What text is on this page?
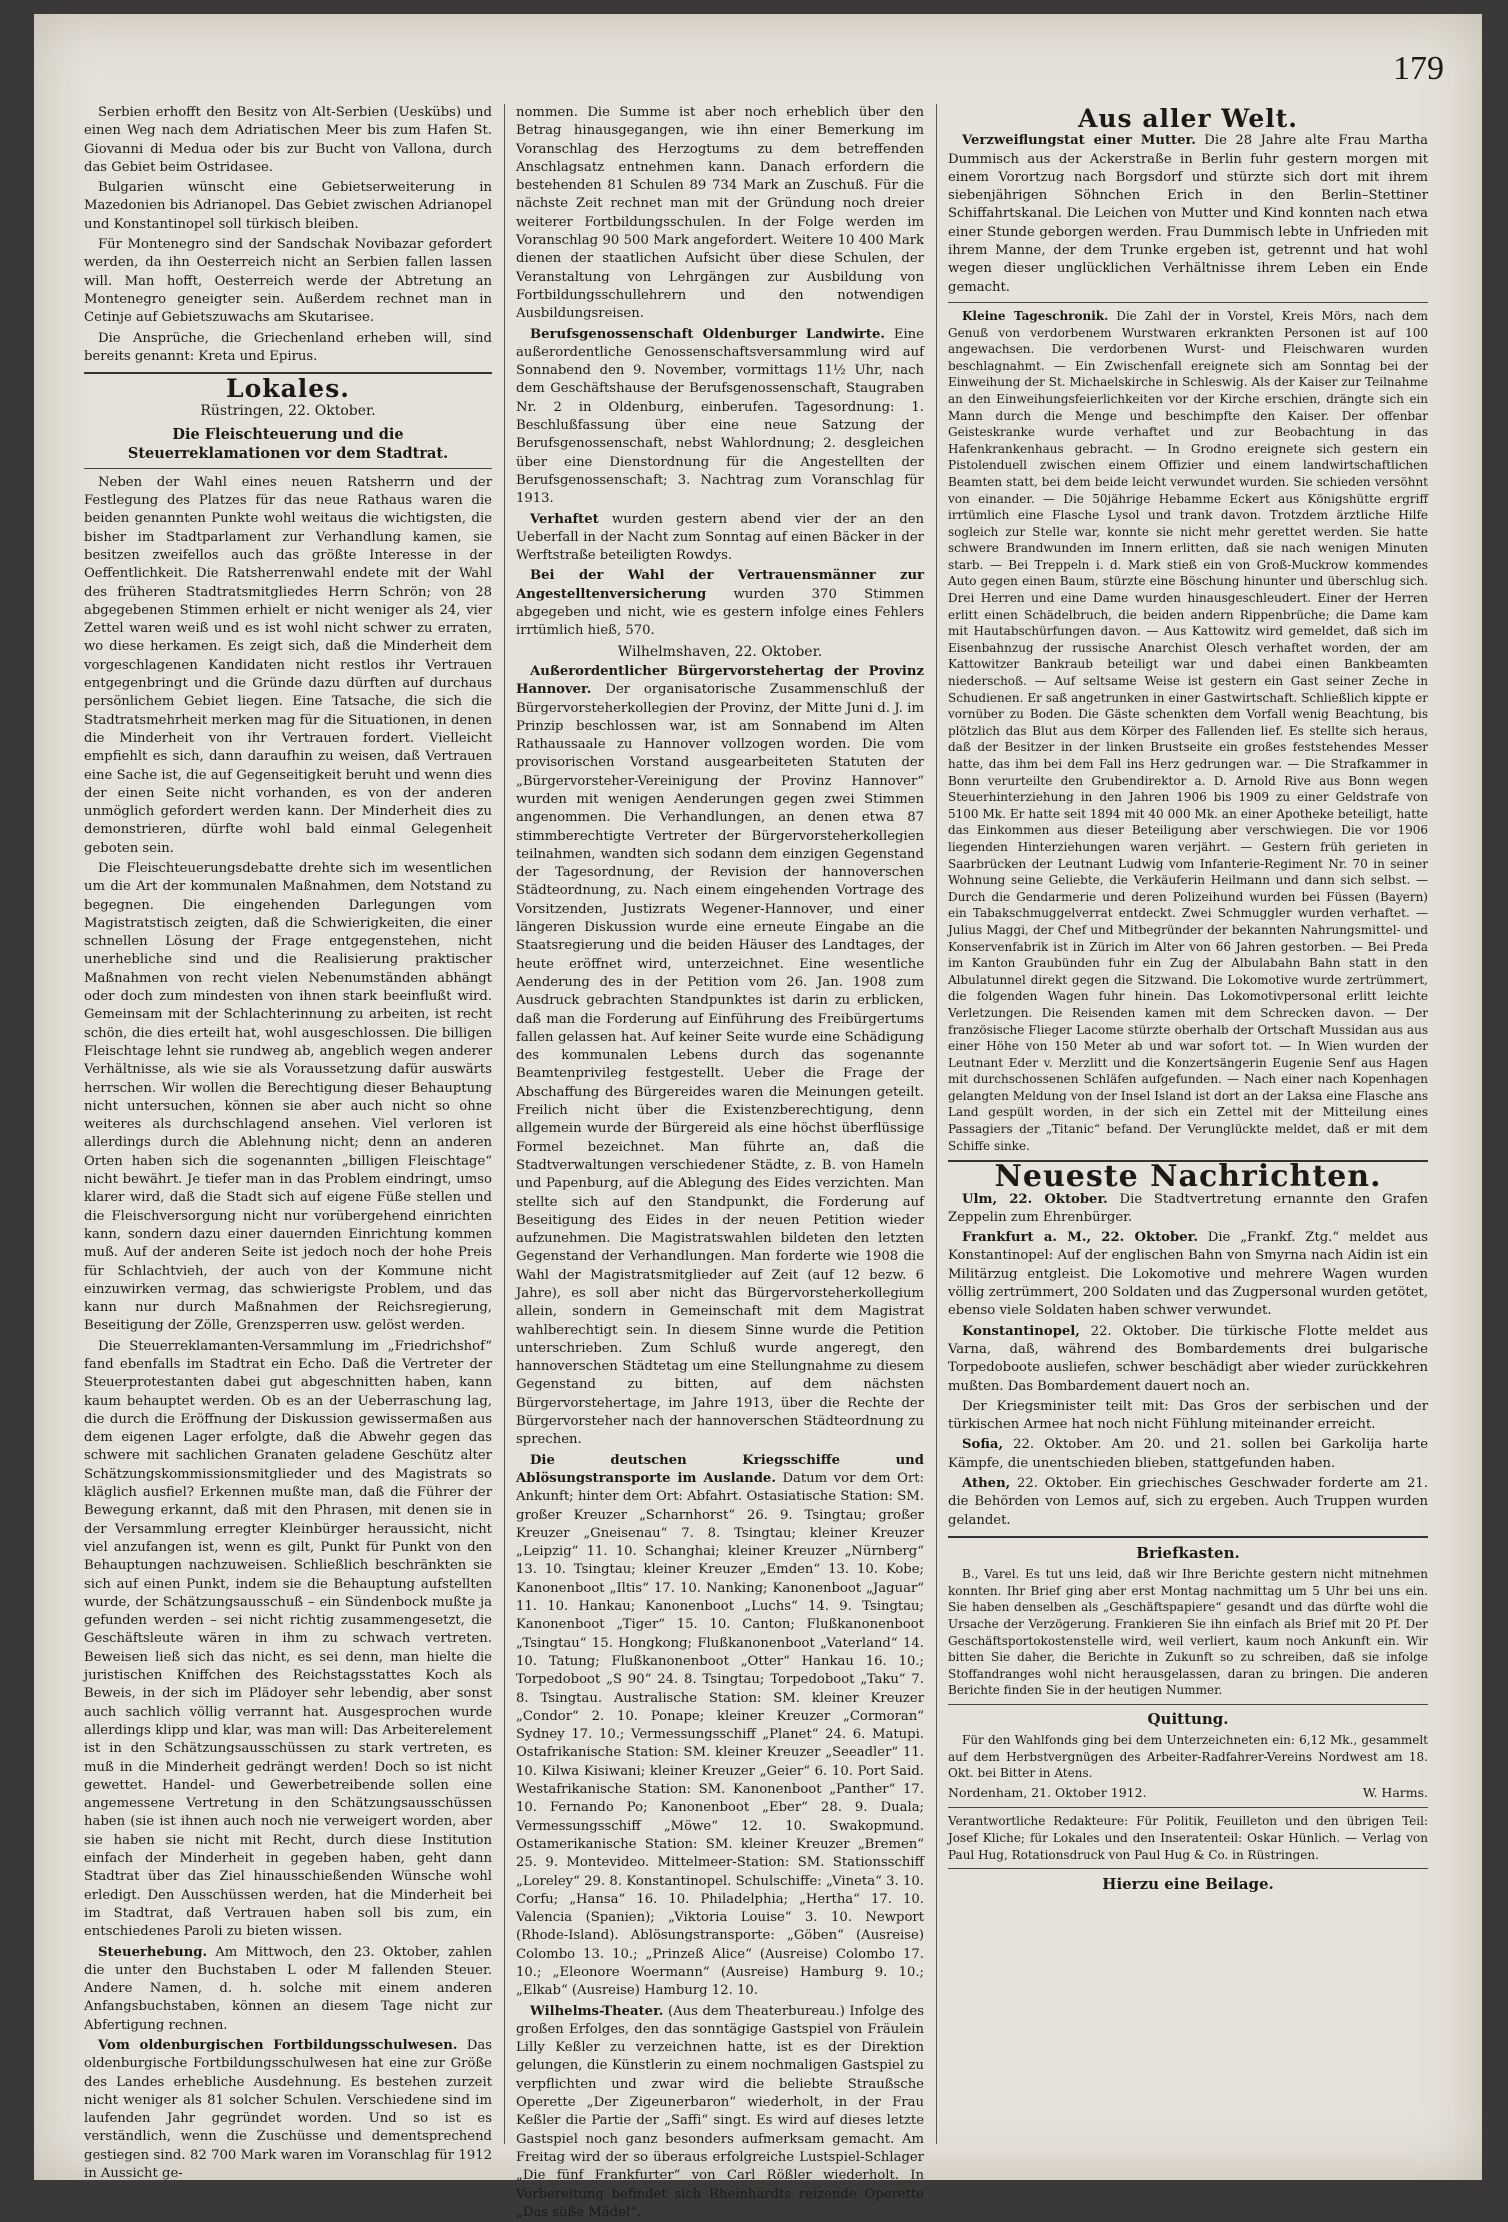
179

Serbien erhofft den Besitz von Alt-Serbien (Ueskübs) und einen Weg nach dem Adriatischen Meer bis zum Hafen St. Giovanni di Medua oder bis zur Bucht von Vallona, durch das Gebiet beim Ostridasee.

Bulgarien wünscht eine Gebietserweiterung in Mazedonien bis Adrianopel. Das Gebiet zwischen Adrianopel und Konstantinopel soll türkisch bleiben.

Für Montenegro sind der Sandschak Novibazar gefordert werden, da ihn Oesterreich nicht an Serbien fallen lassen will. Man hofft, Oesterreich werde der Abtretung an Montenegro geneigter sein. Außerdem rechnet man in Cetinje auf Gebietszuwachs am Skutarisee.

Die Ansprüche, die Griechenland erheben will, sind bereits genannt: Kreta und Epirus.

Lokales.
Rüstringen, 22. Oktober.
Die Fleischteuerung und die Steuerreklamationen vor dem Stadtrat.

Neben der Wahl eines neuen Ratsherrn und der Festlegung des Platzes für das neue Rathaus waren die beiden genannten Punkte wohl weitaus die wichtigsten, die bisher im Stadtparlament zur Verhandlung kamen, sie besitzen zweifellos auch das größte Interesse in der Oeffentlichkeit. Die Ratsherrenwahl endete mit der Wahl des früheren Stadtratsmitgliedes Herrn Schrön; von 28 abgegebenen Stimmen erhielt er nicht weniger als 24, vier Zettel waren weiß und es ist wohl nicht schwer zu erraten, wo diese herkamen. Es zeigt sich, daß die Minderheit dem vorgeschlagenen Kandidaten nicht restlos ihr Vertrauen entgegenbringt und die Gründe dazu dürften auf durchaus persönlichem Gebiet liegen. Eine Tatsache, die sich die Stadtratsmehrheit merken mag für die Situationen, in denen die Minderheit von ihr Vertrauen fordert. Vielleicht empfiehlt es sich, dann daraufhin zu weisen, daß Vertrauen eine Sache ist, die auf Gegenseitigkeit beruht und wenn dies der einen Seite nicht vorhanden, es von der anderen unmöglich gefordert werden kann. Der Minderheit dies zu demonstrieren, dürfte wohl bald einmal Gelegenheit geboten sein.

Die Fleischteuerungsdebatte drehte sich im wesentlichen um die Art der kommunalen Maßnahmen, dem Notstand zu begegnen. Die eingehenden Darlegungen vom Magistratstisch zeigten, daß die Schwierigkeiten, die einer schnellen Lösung der Frage entgegenstehen, nicht unerhebliche sind und die Realisierung praktischer Maßnahmen von recht vielen Nebenumständen abhängt oder doch zum mindesten von ihnen stark beeinflußt wird. Gemeinsam mit der Schlachterinnung zu arbeiten, ist recht schön, die dies erteilt hat, wohl ausgeschlossen. Die billigen Fleischtage lehnt sie rundweg ab, angeblich wegen anderer Verhältnisse, als wie sie als Voraussetzung dafür auswärts herrschen. Wir wollen die Berechtigung dieser Behauptung nicht untersuchen, können sie aber auch nicht so ohne weiteres als durchschlagend ansehen. Viel verloren ist allerdings durch die Ablehnung nicht; denn an anderen Orten haben sich die sogenannten „billigen Fleischtage“ nicht bewährt. Je tiefer man in das Problem eindringt, umso klarer wird, daß die Stadt sich auf eigene Füße stellen und die Fleischversorgung nicht nur vorübergehend einrichten kann, sondern dazu einer dauernden Einrichtung kommen muß. Auf der anderen Seite ist jedoch noch der hohe Preis für Schlachtvieh, der auch von der Kommune nicht einzuwirken vermag, das schwierigste Problem, und das kann nur durch Maßnahmen der Reichsregierung, Beseitigung der Zölle, Grenzsperren usw. gelöst werden.

Die Steuerreklamanten-Versammlung im „Friedrichshof“ fand ebenfalls im Stadtrat ein Echo. Daß die Vertreter der Steuerprotestanten dabei gut abgeschnitten haben, kann kaum behauptet werden. Ob es an der Ueberraschung lag, die durch die Eröffnung der Diskussion gewissermaßen aus dem eigenen Lager erfolgte, daß die Abwehr gegen das schwere mit sachlichen Granaten geladene Geschütz alter Schätzungskommissionsmitglieder und des Magistrats so kläglich ausfiel? Erkennen mußte man, daß die Führer der Bewegung erkannt, daß mit den Phrasen, mit denen sie in der Versammlung erregter Kleinbürger heraussicht, nicht viel anzufangen ist, wenn es gilt, Punkt für Punkt von den Behauptungen nachzuweisen. Schließlich beschränkten sie sich auf einen Punkt, indem sie die Behauptung aufstellten wurde, der Schätzungsausschuß – ein Sündenbock mußte ja gefunden werden – sei nicht richtig zusammengesetzt, die Geschäftsleute wären in ihm zu schwach vertreten. Beweisen ließ sich das nicht, es sei denn, man hielte die juristischen Kniffchen des Reichstagsstattes Koch als Beweis, in der sich im Plädoyer sehr lebendig, aber sonst auch sachlich völlig verrannt hat. Ausgesprochen wurde allerdings klipp und klar, was man will: Das Arbeiterelement ist in den Schätzungsausschüssen zu stark vertreten, es muß in die Minderheit gedrängt werden! Doch so ist nicht gewettet. Handel- und Gewerbetreibende sollen eine angemessene Vertretung in den Schätzungsausschüssen haben (sie ist ihnen auch noch nie verweigert worden, aber sie haben sie nicht mit Recht, durch diese Institution einfach der Minderheit in gegeben haben, geht dann Stadtrat über das Ziel hinausschießenden Wünsche wohl erledigt. Den Ausschüssen werden, hat die Minderheit bei im Stadtrat, daß Vertrauen haben soll bis zum, ein entschiedenes Paroli zu bieten wissen.

Steuerhebung. Am Mittwoch, den 23. Oktober, zahlen die unter den Buchstaben L oder M fallenden Steuer. Andere Namen, d. h. solche mit einem anderen Anfangsbuchstaben, können an diesem Tage nicht zur Abfertigung rechnen.

Vom oldenburgischen Fortbildungsschulwesen. Das oldenburgische Fortbildungsschulwesen hat eine zur Größe des Landes erhebliche Ausdehnung. Es bestehen zurzeit nicht weniger als 81 solcher Schulen. Verschiedene sind im laufenden Jahr gegründet worden. Und so ist es verständlich, wenn die Zuschüsse und dementsprechend gestiegen sind. 82 700 Mark waren im Voranschlag für 1912 in Aussicht ge-

nommen. Die Summe ist aber noch erheblich über den Betrag hinausgegangen, wie ihn einer Bemerkung im Voranschlag des Herzogtums zu dem betreffenden Anschlagsatz entnehmen kann. Danach erfordern die bestehenden 81 Schulen 89 734 Mark an Zuschuß. Für die nächste Zeit rechnet man mit der Gründung noch dreier weiterer Fortbildungsschulen. In der Folge werden im Voranschlag 90 500 Mark angefordert. Weitere 10 400 Mark dienen der staatlichen Aufsicht über diese Schulen, der Veranstaltung von Lehrgängen zur Ausbildung von Fortbildungsschullehrern und den notwendigen Ausbildungsreisen.

Berufsgenossenschaft Oldenburger Landwirte. Eine außerordentliche Genossenschaftsversammlung wird auf Sonnabend den 9. November, vormittags 11½ Uhr, nach dem Geschäftshause der Berufsgenossenschaft, Staugraben Nr. 2 in Oldenburg, einberufen. Tagesordnung: 1. Beschlußfassung über eine neue Satzung der Berufsgenossenschaft, nebst Wahlordnung; 2. desgleichen über eine Dienstordnung für die Angestellten der Berufsgenossenschaft; 3. Nachtrag zum Voranschlag für 1913.

Verhaftet wurden gestern abend vier der an den Ueberfall in der Nacht zum Sonntag auf einen Bäcker in der Werftstraße beteiligten Rowdys.

Bei der Wahl der Vertrauensmänner zur Angestelltenversicherung wurden 370 Stimmen abgegeben und nicht, wie es gestern infolge eines Fehlers irrtümlich hieß, 570.

Wilhelmshaven, 22. Oktober.

Außerordentlicher Bürgervorstehertag der Provinz Hannover. Der organisatorische Zusammenschluß der Bürgervorsteherkollegien der Provinz, der Mitte Juni d. J. im Prinzip beschlossen war, ist am Sonnabend im Alten Rathaussaale zu Hannover vollzogen worden. Die vom provisorischen Vorstand ausgearbeiteten Statuten der „Bürgervorsteher-Vereinigung der Provinz Hannover“ wurden mit wenigen Aenderungen gegen zwei Stimmen angenommen. Die Verhandlungen, an denen etwa 87 stimmberechtigte Vertreter der Bürgervorsteherkollegien teilnahmen, wandten sich sodann dem einzigen Gegenstand der Tagesordnung, der Revision der hannoverschen Städteordnung, zu. Nach einem eingehenden Vortrage des Vorsitzenden, Justizrats Wegener-Hannover, und einer längeren Diskussion wurde eine erneute Eingabe an die Staatsregierung und die beiden Häuser des Landtages, der heute eröffnet wird, unterzeichnet. Eine wesentliche Aenderung des in der Petition vom 26. Jan. 1908 zum Ausdruck gebrachten Standpunktes ist darin zu erblicken, daß man die Forderung auf Einführung des Freibürgertums fallen gelassen hat. Auf keiner Seite wurde eine Schädigung des kommunalen Lebens durch das sogenannte Beamtenprivileg festgestellt. Ueber die Frage der Abschaffung des Bürgereides waren die Meinungen geteilt. Freilich nicht über die Existenzberechtigung, denn allgemein wurde der Bürgereid als eine höchst überflüssige Formel bezeichnet. Man führte an, daß die Stadtverwaltungen verschiedener Städte, z. B. von Hameln und Papenburg, auf die Ablegung des Eides verzichten. Man stellte sich auf den Standpunkt, die Forderung auf Beseitigung des Eides in der neuen Petition wieder aufzunehmen. Die Magistratswahlen bildeten den letzten Gegenstand der Verhandlungen. Man forderte wie 1908 die Wahl der Magistratsmitglieder auf Zeit (auf 12 bezw. 6 Jahre), es soll aber nicht das Bürgervorsteherkollegium allein, sondern in Gemeinschaft mit dem Magistrat wahlberechtigt sein. In diesem Sinne wurde die Petition unterschrieben. Zum Schluß wurde angeregt, den hannoverschen Städtetag um eine Stellungnahme zu diesem Gegenstand zu bitten, auf dem nächsten Bürgervorstehertage, im Jahre 1913, über die Rechte der Bürgervorsteher nach der hannoverschen Städteordnung zu sprechen.

Die deutschen Kriegsschiffe und Ablösungstransporte im Auslande. Datum vor dem Ort: Ankunft; hinter dem Ort: Abfahrt. Ostasiatische Station: SM. großer Kreuzer „Scharnhorst“ 26. 9. Tsingtau; großer Kreuzer „Gneisenau“ 7. 8. Tsingtau; kleiner Kreuzer „Leipzig“ 11. 10. Schanghai; kleiner Kreuzer „Nürnberg“ 13. 10. Tsingtau; kleiner Kreuzer „Emden“ 13. 10. Kobe; Kanonenboot „Iltis“ 17. 10. Nanking; Kanonenboot „Jaguar“ 11. 10. Hankau; Kanonenboot „Luchs“ 14. 9. Tsingtau; Kanonenboot „Tiger“ 15. 10. Canton; Flußkanonenboot „Tsingtau“ 15. Hongkong; Flußkanonenboot „Vaterland“ 14. 10. Tatung; Flußkanonenboot „Otter“ Hankau 16. 10.; Torpedoboot „S 90“ 24. 8. Tsingtau; Torpedoboot „Taku“ 7. 8. Tsingtau. Australische Station: SM. kleiner Kreuzer „Condor“ 2. 10. Ponape; kleiner Kreuzer „Cormoran“ Sydney 17. 10.; Vermessungsschiff „Planet“ 24. 6. Matupi. Ostafrikanische Station: SM. kleiner Kreuzer „Seeadler“ 11. 10. Kilwa Kisiwani; kleiner Kreuzer „Geier“ 6. 10. Port Said. Westafrikanische Station: SM. Kanonenboot „Panther“ 17. 10. Fernando Po; Kanonenboot „Eber“ 28. 9. Duala; Vermessungsschiff „Möwe“ 12. 10. Swakopmund. Ostamerikanische Station: SM. kleiner Kreuzer „Bremen“ 25. 9. Montevideo. Mittelmeer-Station: SM. Stationsschiff „Loreley“ 29. 8. Konstantinopel. Schulschiffe: „Vineta“ 3. 10. Corfu; „Hansa“ 16. 10. Philadelphia; „Hertha“ 17. 10. Valencia (Spanien); „Viktoria Louise“ 3. 10. Newport (Rhode-Island). Ablösungstransporte: „Göben“ (Ausreise) Colombo 13. 10.; „Prinzeß Alice“ (Ausreise) Colombo 17. 10.; „Eleonore Woermann“ (Ausreise) Hamburg 9. 10.; „Elkab“ (Ausreise) Hamburg 12. 10.

Wilhelms-Theater. (Aus dem Theaterbureau.) Infolge des großen Erfolges, den das sonntägige Gastspiel von Fräulein Lilly Keßler zu verzeichnen hatte, ist es der Direktion gelungen, die Künstlerin zu einem nochmaligen Gastspiel zu verpflichten und zwar wird die beliebte Straußsche Operette „Der Zigeunerbaron“ wiederholt, in der Frau Keßler die Partie der „Saffi“ singt. Es wird auf dieses letzte Gastspiel noch ganz besonders aufmerksam gemacht. Am Freitag wird der so überaus erfolgreiche Lustspiel-Schlager „Die fünf Frankfurter“ von Carl Rößler wiederholt. In Vorbereitung befindet sich Rheinhardts reizende Operette „Das süße Mädel“.

Aus aller Welt.

Verzweiflungstat einer Mutter. Die 28 Jahre alte Frau Martha Dummisch aus der Ackerstraße in Berlin fuhr gestern morgen mit einem Vorortzug nach Borgsdorf und stürzte sich dort mit ihrem siebenjährigen Söhnchen Erich in den Berlin–Stettiner Schiffahrtskanal. Die Leichen von Mutter und Kind konnten nach etwa einer Stunde geborgen werden. Frau Dummisch lebte in Unfrieden mit ihrem Manne, der dem Trunke ergeben ist, getrennt und hat wohl wegen dieser unglücklichen Verhältnisse ihrem Leben ein Ende gemacht.

Kleine Tageschronik. Die Zahl der in Vorstel, Kreis Mörs, nach dem Genuß von verdorbenem Wurstwaren erkrankten Personen ist auf 100 angewachsen. Die verdorbenen Wurst- und Fleischwaren wurden beschlagnahmt. — Ein Zwischenfall ereignete sich am Sonntag bei der Einweihung der St. Michaelskirche in Schleswig. Als der Kaiser zur Teilnahme an den Einweihungsfeierlichkeiten vor der Kirche erschien, drängte sich ein Mann durch die Menge und beschimpfte den Kaiser. Der offenbar Geisteskranke wurde verhaftet und zur Beobachtung in das Hafenkrankenhaus gebracht. — In Grodno ereignete sich gestern ein Pistolenduell zwischen einem Offizier und einem landwirtschaftlichen Beamten statt, bei dem beide leicht verwundet wurden. Sie schieden versöhnt von einander. — Die 50jährige Hebamme Eckert aus Königshütte ergriff irrtümlich eine Flasche Lysol und trank davon. Trotzdem ärztliche Hilfe sogleich zur Stelle war, konnte sie nicht mehr gerettet werden. Sie hatte schwere Brandwunden im Innern erlitten, daß sie nach wenigen Minuten starb. — Bei Treppeln i. d. Mark stieß ein von Groß-Muckrow kommendes Auto gegen einen Baum, stürzte eine Böschung hinunter und überschlug sich. Drei Herren und eine Dame wurden hinausgeschleudert. Einer der Herren erlitt einen Schädelbruch, die beiden andern Rippenbrüche; die Dame kam mit Hautabschürfungen davon. — Aus Kattowitz wird gemeldet, daß sich im Eisenbahnzug der russische Anarchist Olesch verhaftet worden, der am Kattowitzer Bankraub beteiligt war und dabei einen Bankbeamten niederschoß. — Auf seltsame Weise ist gestern ein Gast seiner Zeche in Schudienen. Er saß angetrunken in einer Gastwirtschaft. Schließlich kippte er vornüber zu Boden. Die Gäste schenkten dem Vorfall wenig Beachtung, bis plötzlich das Blut aus dem Körper des Fallenden lief. Es stellte sich heraus, daß der Besitzer in der linken Brustseite ein großes feststehendes Messer hatte, das ihm bei dem Fall ins Herz gedrungen war. — Die Strafkammer in Bonn verurteilte den Grubendirektor a. D. Arnold Rive aus Bonn wegen Steuerhinterziehung in den Jahren 1906 bis 1909 zu einer Geldstrafe von 5100 Mk. Er hatte seit 1894 mit 40 000 Mk. an einer Apotheke beteiligt, hatte das Einkommen aus dieser Beteiligung aber verschwiegen. Die vor 1906 liegenden Hinterziehungen waren verjährt. — Gestern früh gerieten in Saarbrücken der Leutnant Ludwig vom Infanterie-Regiment Nr. 70 in seiner Wohnung seine Geliebte, die Verkäuferin Heilmann und dann sich selbst. — Durch die Gendarmerie und deren Polizeihund wurden bei Füssen (Bayern) ein Tabakschmuggelverrat entdeckt. Zwei Schmuggler wurden verhaftet. — Julius Maggi, der Chef und Mitbegründer der bekannten Nahrungsmittel- und Konservenfabrik ist in Zürich im Alter von 66 Jahren gestorben. — Bei Preda im Kanton Graubünden fuhr ein Zug der Albulabahn Bahn statt in den Albulatunnel direkt gegen die Sitzwand. Die Lokomotive wurde zertrümmert, die folgenden Wagen fuhr hinein. Das Lokomotivpersonal erlitt leichte Verletzungen. Die Reisenden kamen mit dem Schrecken davon. — Der französische Flieger Lacome stürzte oberhalb der Ortschaft Mussidan aus aus einer Höhe von 150 Meter ab und war sofort tot. — In Wien wurden der Leutnant Eder v. Merzlitt und die Konzertsängerin Eugenie Senf aus Hagen mit durchschossenen Schläfen aufgefunden. — Nach einer nach Kopenhagen gelangten Meldung von der Insel Island ist dort an der Laksa eine Flasche ans Land gespült worden, in der sich ein Zettel mit der Mitteilung eines Passagiers der „Titanic“ befand. Der Verunglückte meldet, daß er mit dem Schiffe sinke.

Neueste Nachrichten.

Ulm, 22. Oktober. Die Stadtvertretung ernannte den Grafen Zeppelin zum Ehrenbürger.

Frankfurt a. M., 22. Oktober. Die „Frankf. Ztg.“ meldet aus Konstantinopel: Auf der englischen Bahn von Smyrna nach Aidin ist ein Militärzug entgleist. Die Lokomotive und mehrere Wagen wurden völlig zertrümmert, 200 Soldaten und das Zugpersonal wurden getötet, ebenso viele Soldaten haben schwer verwundet.

Konstantinopel, 22. Oktober. Die türkische Flotte meldet aus Varna, daß, während des Bombardements drei bulgarische Torpedoboote ausliefen, schwer beschädigt aber wieder zurückkehren mußten. Das Bombardement dauert noch an.

Der Kriegsminister teilt mit: Das Gros der serbischen und der türkischen Armee hat noch nicht Fühlung miteinander erreicht.

Sofia, 22. Oktober. Am 20. und 21. sollen bei Garkolija harte Kämpfe, die unentschieden blieben, stattgefunden haben.

Athen, 22. Oktober. Ein griechisches Geschwader forderte am 21. die Behörden von Lemos auf, sich zu ergeben. Auch Truppen wurden gelandet.

Briefkasten.

B., Varel. Es tut uns leid, daß wir Ihre Berichte gestern nicht mitnehmen konnten. Ihr Brief ging aber erst Montag nachmittag um 5 Uhr bei uns ein. Sie haben denselben als „Geschäftspapiere“ gesandt und das dürfte wohl die Ursache der Verzögerung. Frankieren Sie ihn einfach als Brief mit 20 Pf. Der Geschäftsportokostenstelle wird, weil verliert, kaum noch Ankunft ein. Wir bitten Sie daher, die Berichte in Zukunft so zu schreiben, daß sie infolge Stoffandranges wohl nicht herausgelassen, daran zu bringen. Die anderen Berichte finden Sie in der heutigen Nummer.

Quittung.

Für den Wahlfonds ging bei dem Unterzeichneten ein: 6,12 Mk., gesammelt auf dem Herbstvergnügen des Arbeiter-Radfahrer-Vereins Nordwest am 18. Okt. bei Bitter in Atens.

Nordenham, 21. Oktober 1912.	W. Harms.

Verantwortliche Redakteure: Für Politik, Feuilleton und den übrigen Teil: Josef Kliche; für Lokales und den Inseratenteil: Oskar Hünlich. — Verlag von Paul Hug, Rotationsdruck von Paul Hug & Co. in Rüstringen.

Hierzu eine Beilage.
